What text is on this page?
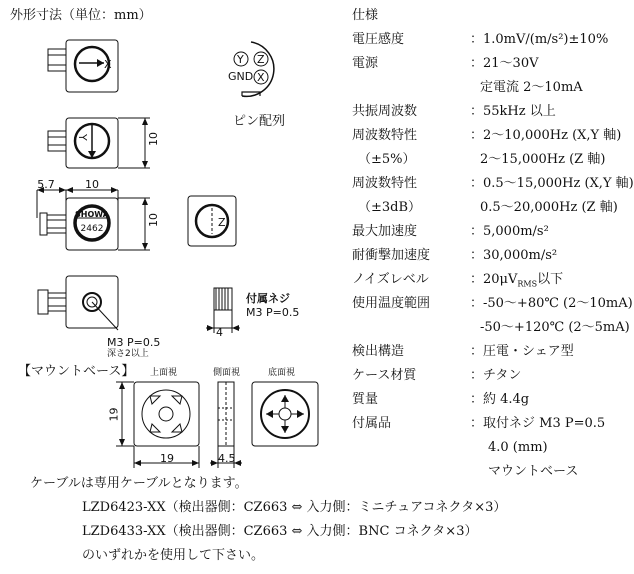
外形寸法（単位：mm）
X
Y	10
5.7	10
SHOWA
2462
10	Z
4
M3 P=0.5
深さ2以上
付属ネジ
M3 P=0.5
Y Z
GND X
ピン配列
【マウントベース】 上面視	側面視	底面視
19
19	4.5
仕様
電圧感度	：1.0mV/(m/s²)±10%
電源	：21〜30V
定電流 2〜10mA
共振周波数	：55kHz 以上
周波数特性	：2〜10,000Hz (X,Y 軸)
（±5%）	2〜15,000Hz (Z 軸)
周波数特性	：0.5〜15,000Hz (X,Y 軸)
（±3dB）	0.5〜20,000Hz (Z 軸)
最大加速度	：5,000m/s²
耐衝撃加速度	：30,000m/s²
ノイズレベル	：$20\mu V_{RMS}$以下
使用温度範囲	：-50〜+80℃ (2〜10mA)
-50〜+120℃ (2〜5mA)
検出構造	：圧電・シェア型
ケース材質	：チタン
質量	：約 4.4g
付属品	：取付ネジ M3 P=0.5
4.0 (mm)
マウントベース
ケーブルは専用ケーブルとなります。
LZD6423-XX（検出器側：CZ663 ⇔ 入力側：ミニチュアコネクタ×3）
LZD6433-XX（検出器側：CZ663 ⇔ 入力側：BNC コネクタ×3）
のいずれかを使用して下さい。
